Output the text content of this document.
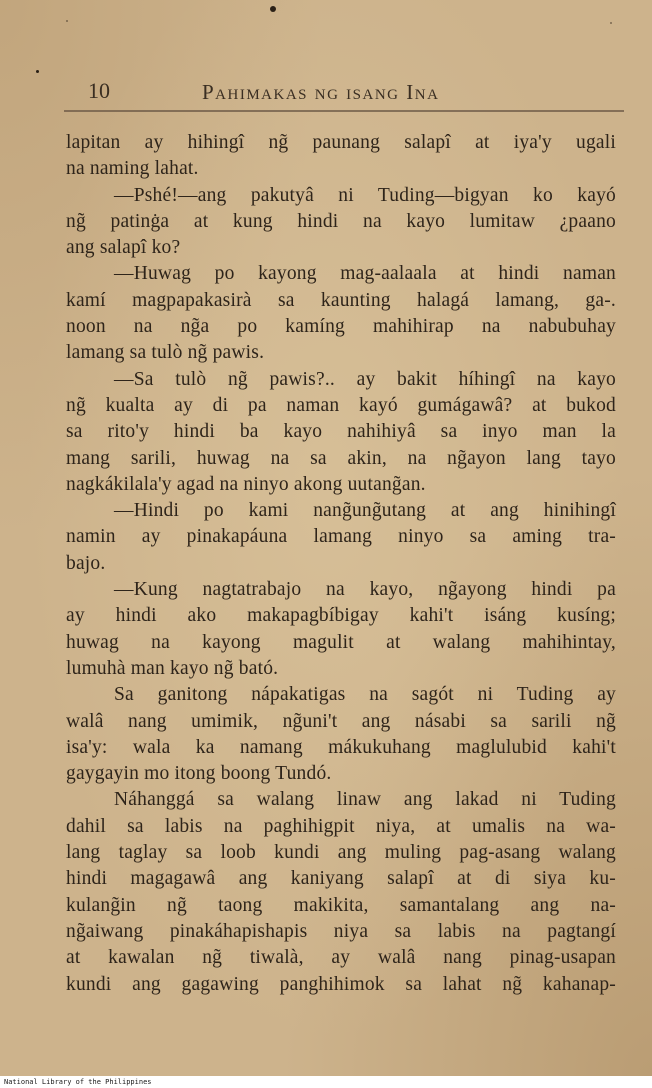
10	Pahimakas ng isang Ina
lapitan ay hihingî ng̃ paunang salapî at iya'y ugali
na naming lahat.
—Pshé!—ang pakutyâ ni Tuding—bigyan ko kayó
ng̃ patinġa at kung hindi na kayo lumitaw ¿paano
ang salapî ko?
—Huwag po kayong mag-aalaala at hindi naman
kamí magpapakasirà sa kaunting halagá lamang, ga-.
noon na ng̃a po kamíng mahihirap na nabubuhay
lamang sa tulò ng̃ pawis.
—Sa tulò ng̃ pawis?.. ay bakit híhingî na kayo
ng̃ kualta ay di pa naman kayó gumágawâ? at bukod
sa rito'y hindi ba kayo nahihiyâ sa inyo man la
mang sarili, huwag na sa akin, na ng̃ayon lang tayo
nagkákilala'y agad na ninyo akong uutang̃an.
—Hindi po kami nang̃ung̃utang at ang hinihingî
namin ay pinakapáuna lamang ninyo sa aming tra-
bajo.
—Kung nagtatrabajo na kayo, ng̃ayong hindi pa
ay hindi ako makapagbíbigay kahi't isáng kusíng;
huwag na kayong magulit at walang mahihintay,
lumuhà man kayo ng̃ bató.
Sa ganitong nápakatigas na sagót ni Tuding ay
walâ nang umimik, ng̃uni't ang násabi sa sarili ng̃
isa'y: wala ka namang mákukuhang maglulubid kahi't
gaygayin mo itong boong Tundó.
Náhanggá sa walang linaw ang lakad ni Tuding
dahil sa labis na paghihigpit niya, at umalis na wa-
lang taglay sa loob kundi ang muling pag-asang walang
hindi magagawâ ang kaniyang salapî at di siya ku-
kulang̃in ng̃ taong makikita, samantalang ang na-
ng̃aiwang pinakáhapishapis niya sa labis na pagtangí
at kawalan ng̃ tiwalà, ay walâ nang pinag-usapan
kundi ang gagawing panghihimok sa lahat ng̃ kahanap-
National Library of the Philippines
